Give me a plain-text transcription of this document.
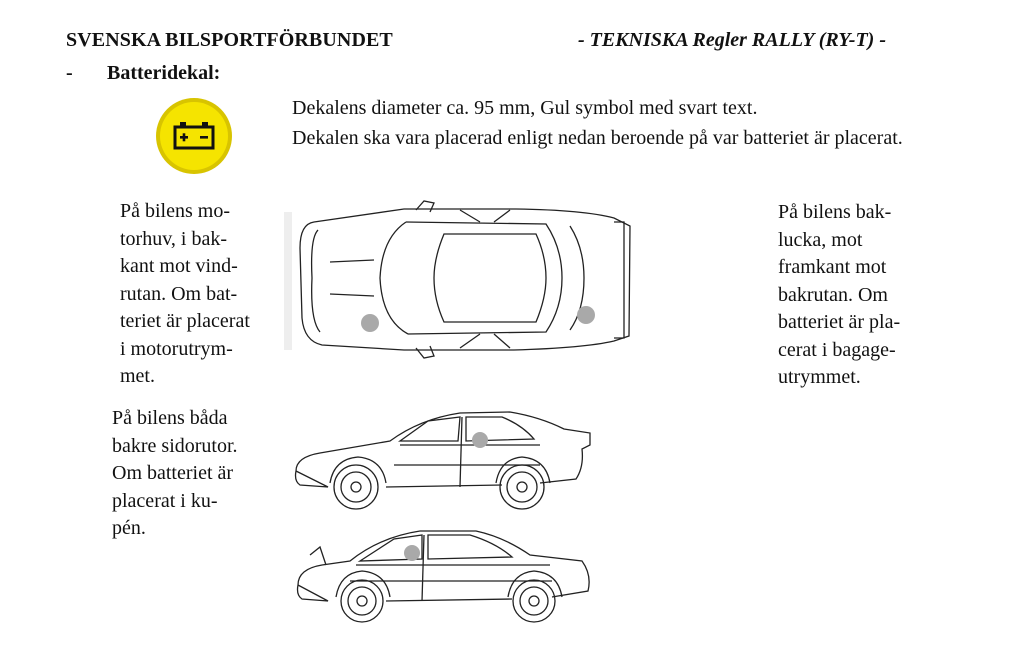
SVENSKA BILSPORTFÖRBUNDET	- TEKNISKA Regler RALLY (RY-T) -
- Batteridekal:

Dekalens diameter ca. 95 mm, Gul symbol med svart text.

Dekalen ska vara placerad enligt nedan beroende på var batteriet är placerat.

På bilens mo-
torhuv, i bak-
kant mot vind-
rutan. Om bat-
teriet är placerat
i motorutrym-
met.
På bilens bak-
lucka, mot
framkant mot
bakrutan. Om
batteriet är pla-
cerat i bagage-
utrymmet.
På bilens båda
bakre sidorutor.
Om batteriet är
placerat i ku-
pén.
